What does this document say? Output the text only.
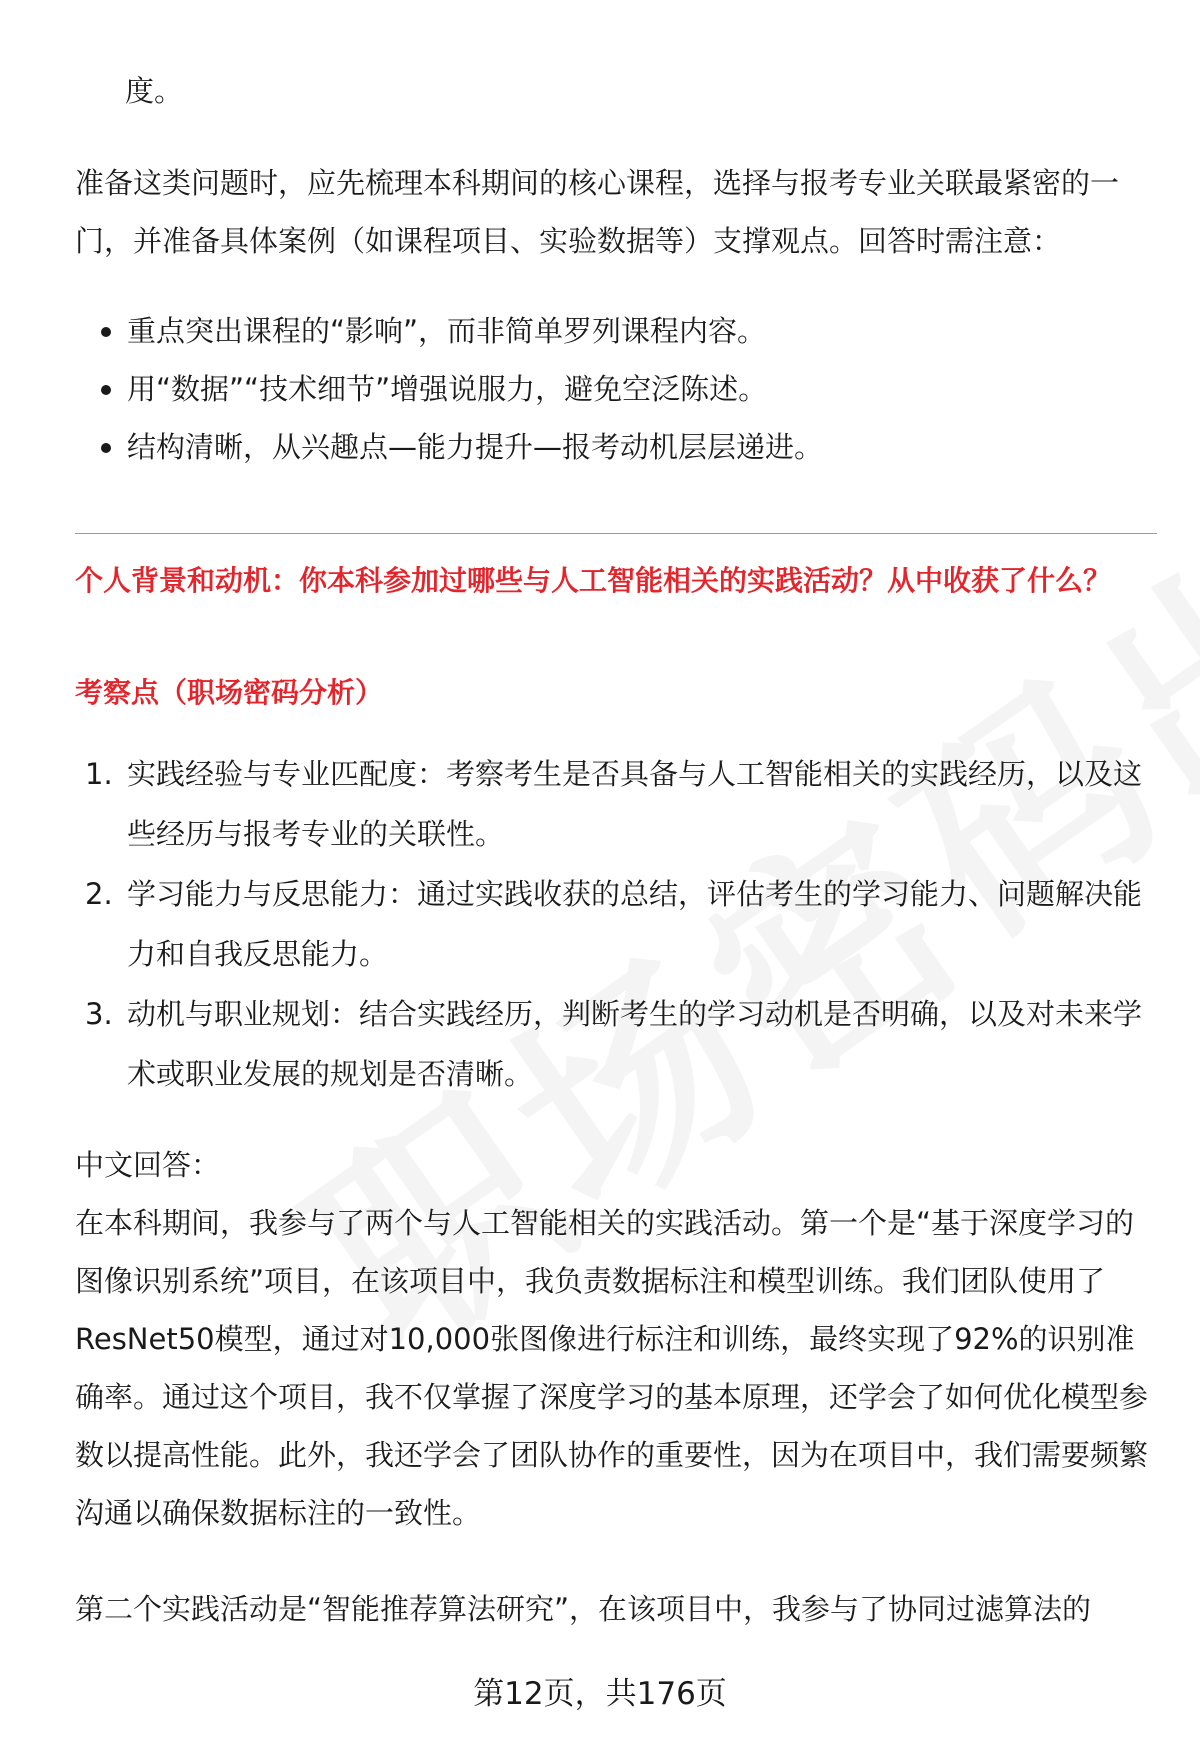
度。

准备这类问题时，应先梳理本科期间的核心课程，选择与报考专业关联最紧密的一门，并准备具体案例（如课程项目、实验数据等）支撑观点。回答时需注意：

重点突出课程的“影响”，而非简单罗列课程内容。
用“数据”“技术细节”增强说服力，避免空泛陈述。
结构清晰，从兴趣点—能力提升—报考动机层层递进。
个人背景和动机：你本科参加过哪些与人工智能相关的实践活动？从中收获了什么？
考察点（职场密码分析）
1. 实践经验与专业匹配度：考察考生是否具备与人工智能相关的实践经历，以及这些经历与报考专业的关联性。
2. 学习能力与反思能力：通过实践收获的总结，评估考生的学习能力、问题解决能力和自我反思能力。
3. 动机与职业规划：结合实践经历，判断考生的学习动机是否明确，以及对未来学术或职业发展的规划是否清晰。

中文回答：

在本科期间，我参与了两个与人工智能相关的实践活动。第一个是“基于深度学习的图像识别系统”项目，在该项目中，我负责数据标注和模型训练。我们团队使用了ResNet50模型，通过对10,000张图像进行标注和训练，最终实现了92%的识别准确率。通过这个项目，我不仅掌握了深度学习的基本原理，还学会了如何优化模型参数以提高性能。此外，我还学会了团队协作的重要性，因为在项目中，我们需要频繁沟通以确保数据标注的一致性。

第二个实践活动是“智能推荐算法研究”，在该项目中，我参与了协同过滤算法的

第12页，共176页
